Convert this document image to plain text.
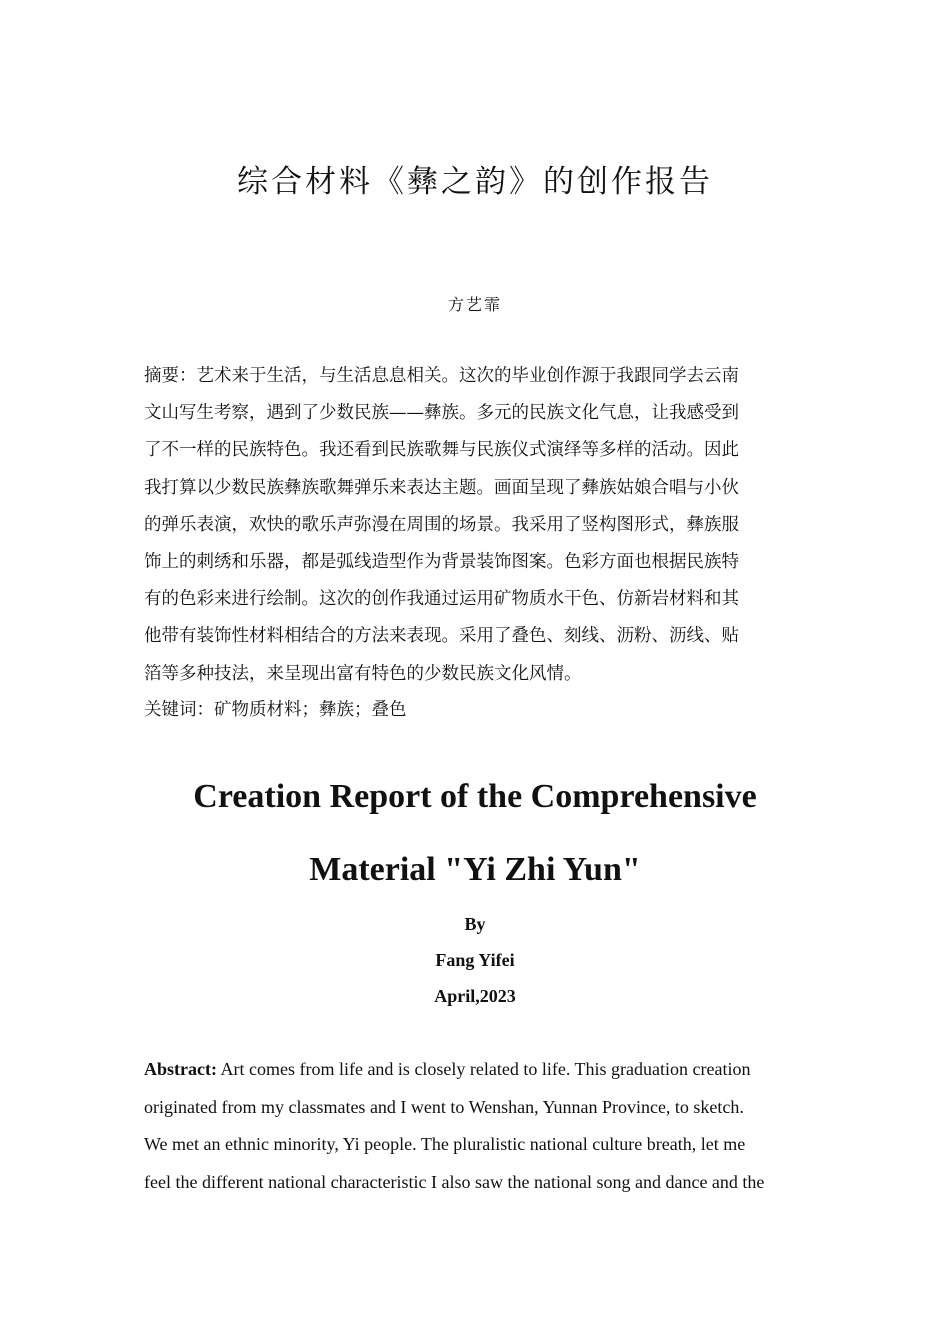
综合材料《彝之韵》的创作报告
方艺霏
摘要：艺术来于生活，与生活息息相关。这次的毕业创作源于我跟同学去云南
文山写生考察，遇到了少数民族——彝族。多元的民族文化气息，让我感受到
了不一样的民族特色。我还看到民族歌舞与民族仪式演绎等多样的活动。因此
我打算以少数民族彝族歌舞弹乐来表达主题。画面呈现了彝族姑娘合唱与小伙
的弹乐表演，欢快的歌乐声弥漫在周围的场景。我采用了竖构图形式，彝族服
饰上的刺绣和乐器，都是弧线造型作为背景装饰图案。色彩方面也根据民族特
有的色彩来进行绘制。这次的创作我通过运用矿物质水干色、仿新岩材料和其
他带有装饰性材料相结合的方法来表现。采用了叠色、刻线、沥粉、沥线、贴
箔等多种技法，来呈现出富有特色的少数民族文化风情。
关键词：矿物质材料；彝族；叠色
Creation Report of the Comprehensive
Material "Yi Zhi Yun"
By
Fang Yifei
April,2023
Abstract: Art comes from life and is closely related to life. This graduation creation
originated from my classmates and I went to Wenshan, Yunnan Province, to sketch.
We met an ethnic minority, Yi people. The pluralistic national culture breath, let me
feel the different national characteristic I also saw the national song and dance and the
